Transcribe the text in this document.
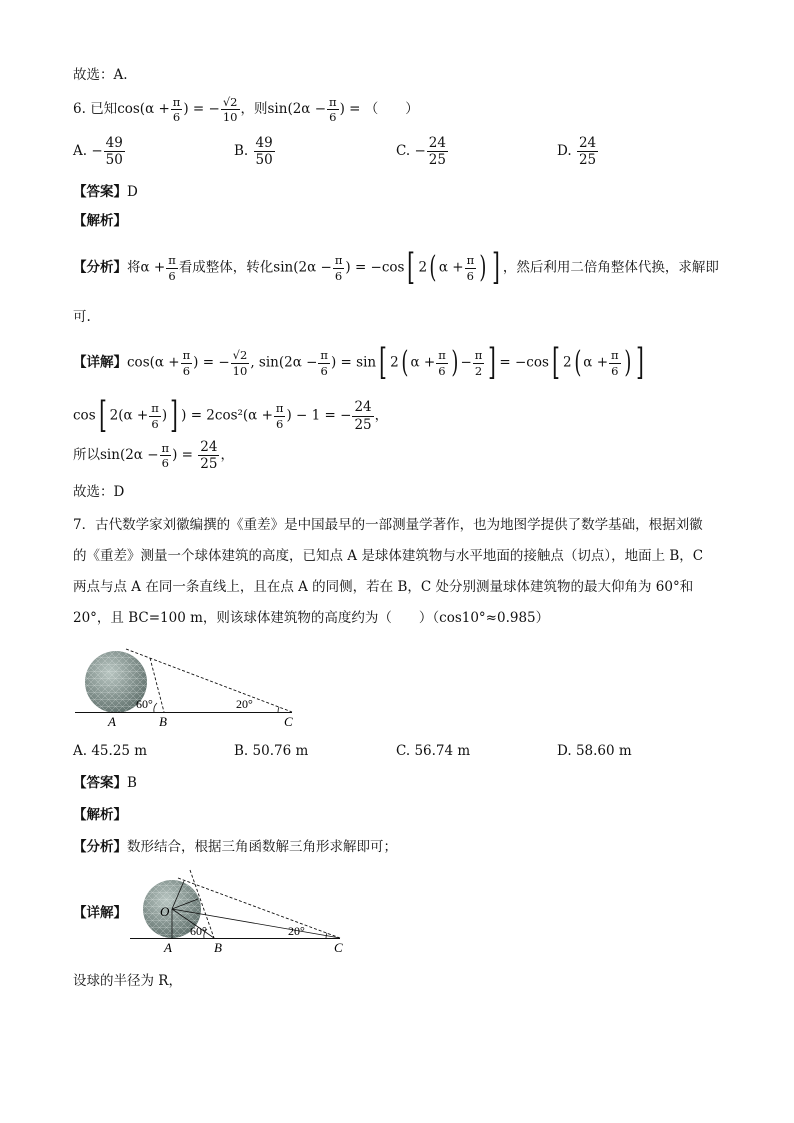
故选：A.
6. 已知$\cos(\alpha + \frac{\pi}{6}$ ) = − $\frac{√2}{10}$ ，则$\sin(2\alpha - \frac{\pi}{6}$ ) = （　　）
A. − $\frac{49}{50}$	B. $\frac{49}{50}$	C. − $\frac{24}{25}$	D. $\frac{24}{25}$
【答案】D
【解析】
【分析】将$\alpha + \frac{\pi}{6}$ 看成整体，转化$\sin(2\alpha - \frac{\pi}{6}$ ) = −cos[ 2( $\alpha + \frac{\pi}{6}$ ) ] ，然后利用二倍角整体代换，求解即
可.
【详解】$\cos(\alpha + \frac{\pi}{6}$ ) = − $\frac{√2}{10}$ , $\sin(2\alpha - \frac{\pi}{6}$ ) = sin[ 2( $\alpha + \frac{\pi}{6}$ ) − $\frac{\pi}{2}$ ] = −cos[ 2( $\alpha + \frac{\pi}{6}$ ) ]
cos[ $2(\alpha + \frac{\pi}{6}$ )] ) = $2\cos^2(\alpha + \frac{\pi}{6}$ ) − 1 = − $\frac{24}{25}$ ，
所以$\sin(2\alpha - \frac{\pi}{6}$ ) = $\frac{24}{25}$ ，
故选：D
7．古代数学家刘徽编撰的《重差》是中国最早的一部测量学著作，也为地图学提供了数学基础，根据刘徽
的《重差》测量一个球体建筑的高度，已知点 A 是球体建筑物与水平地面的接触点（切点），地面上 B，C
两点与点 A 在同一条直线上，且在点 A 的同侧，若在 B，C 处分别测量球体建筑物的最大仰角为 60°和
20°，且 BC=100 m，则该球体建筑物的高度约为（　　）（cos10°≈0.985）
A	B	C
60°	20°
A. 45.25 m	B. 50.76 m	C. 56.74 m	D. 58.60 m
【答案】B
【解析】
【分析】数形结合，根据三角函数解三角形求解即可；
【详解】	O
A	B	C
60°	20°
设球的半径为 R，
